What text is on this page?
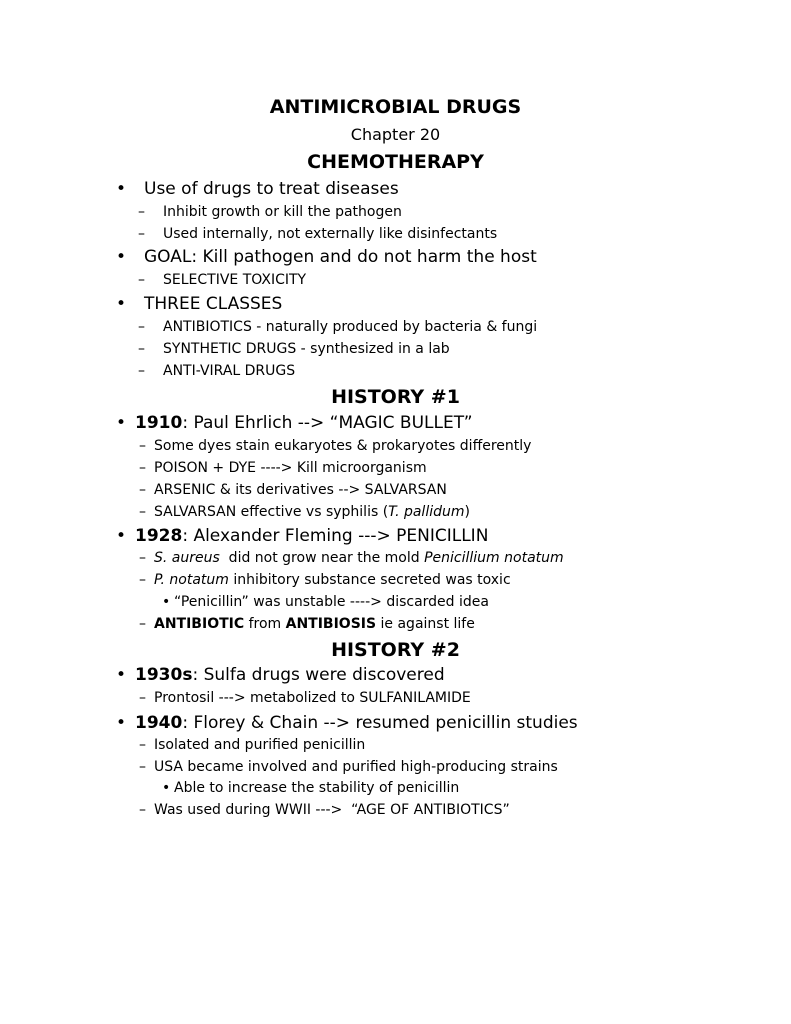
ANTIMICROBIAL DRUGS
Chapter 20
CHEMOTHERAPY
• Use of drugs to treat diseases
– Inhibit growth or kill the pathogen
– Used internally, not externally like disinfectants
• GOAL: Kill pathogen and do not harm the host
– SELECTIVE TOXICITY
• THREE CLASSES
– ANTIBIOTICS - naturally produced by bacteria & fungi
– SYNTHETIC DRUGS - synthesized in a lab
– ANTI-VIRAL DRUGS
HISTORY #1
• 1910: Paul Ehrlich --> “MAGIC BULLET”
– Some dyes stain eukaryotes & prokaryotes differently
– POISON + DYE ----> Kill microorganism
– ARSENIC & its derivatives --> SALVARSAN
– SALVARSAN effective vs syphilis (T. pallidum)
• 1928: Alexander Fleming ---> PENICILLIN
– S. aureus  did not grow near the mold Penicillium notatum
– P. notatum inhibitory substance secreted was toxic
• “Penicillin” was unstable ----> discarded idea
– ANTIBIOTIC from ANTIBIOSIS ie against life
HISTORY #2
• 1930s: Sulfa drugs were discovered
– Prontosil ---> metabolized to SULFANILAMIDE
• 1940: Florey & Chain --> resumed penicillin studies
– Isolated and purified penicillin
– USA became involved and purified high-producing strains
• Able to increase the stability of penicillin
– Was used during WWII --->  “AGE OF ANTIBIOTICS”
